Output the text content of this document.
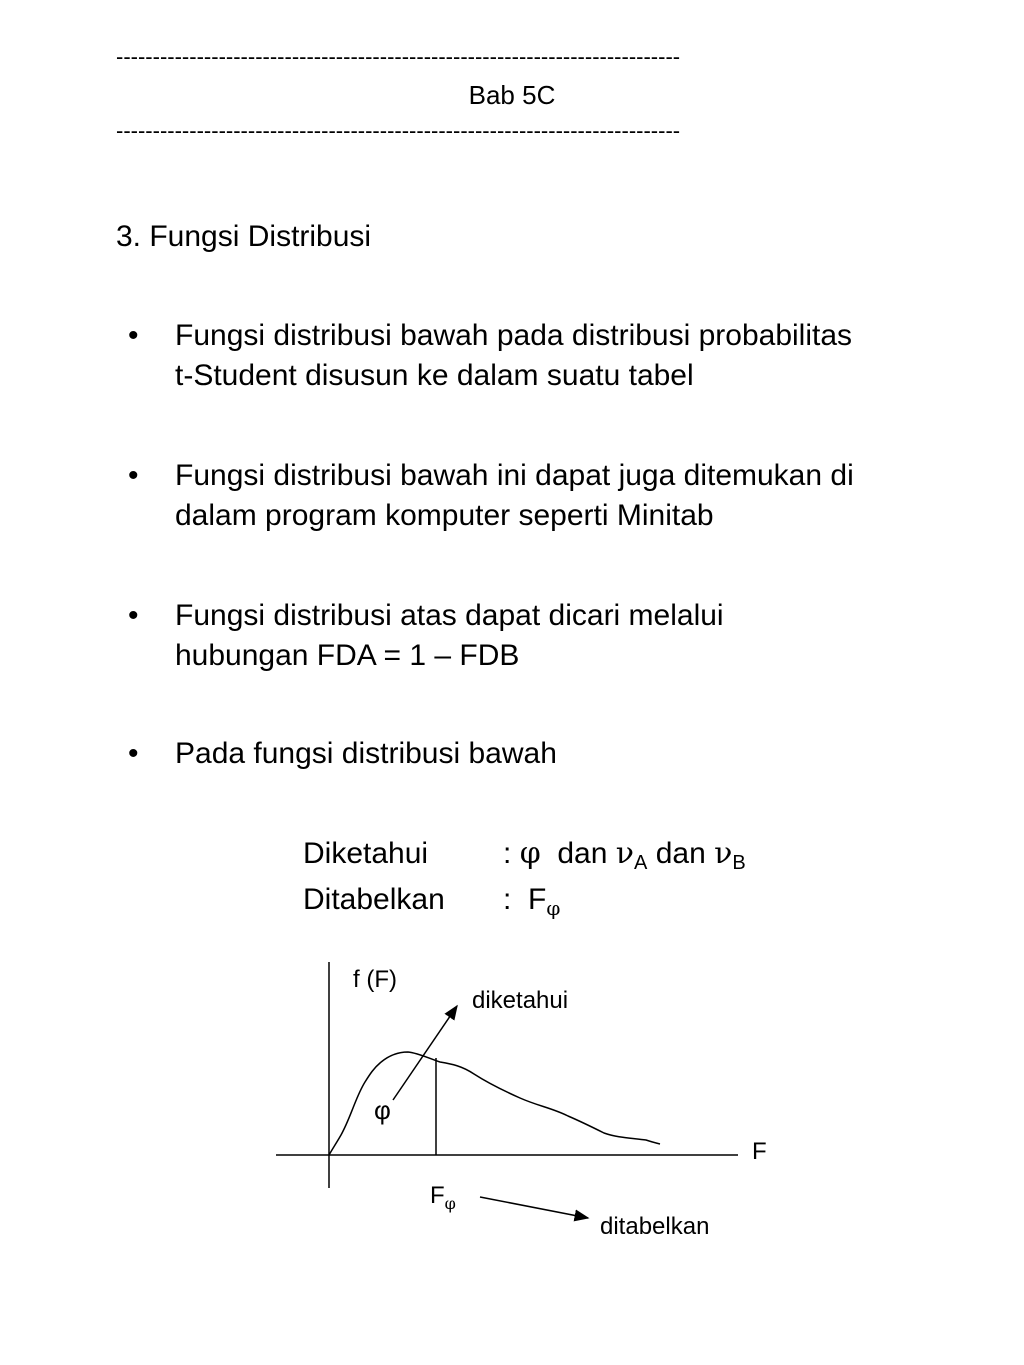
-----------------------------------------------------------------------------
Bab 5C
-----------------------------------------------------------------------------
3. Fungsi Distribusi
• Fungsi distribusi bawah pada distribusi probabilitas
t-Student disusun ke dalam suatu tabel
• Fungsi distribusi bawah ini dapat juga ditemukan di
dalam program komputer seperti Minitab
• Fungsi distribusi atas dapat dicari melalui
hubungan FDA = 1 – FDB
• Pada fungsi distribusi bawah
Diketahui : φ dan $\nu_A$ dan $\nu_B$
Ditabelkan : $F_\varphi$
f (F)
F
φ
diketahui
$F_\varphi$
ditabelkan
